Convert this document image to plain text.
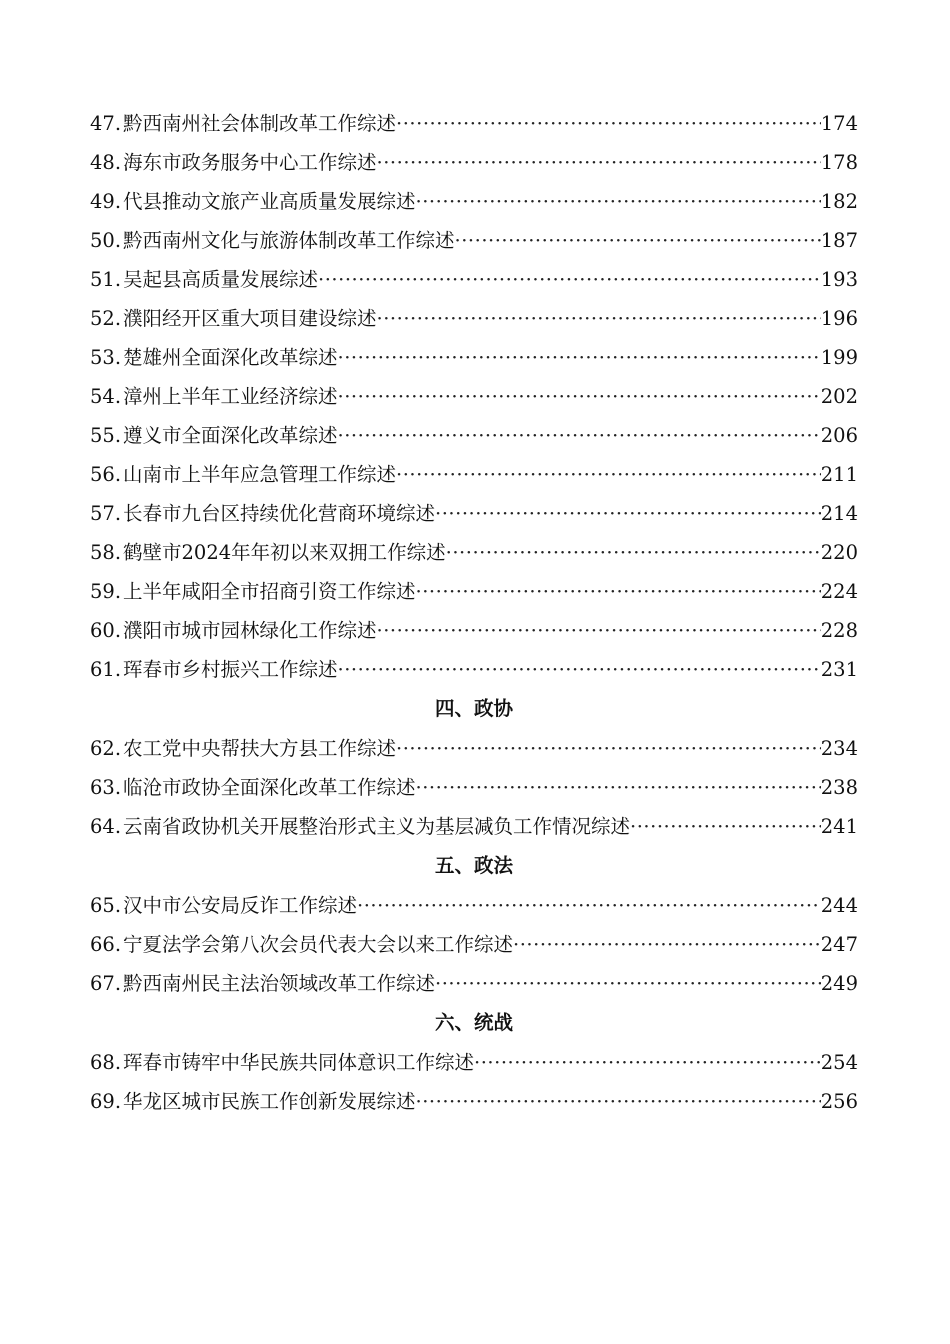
47. 黔西南州社会体制改革工作综述 ·····	174
48. 海东市政务服务中心工作综述 ·····	178
49. 代县推动文旅产业高质量发展综述 ·····	182
50. 黔西南州文化与旅游体制改革工作综述 ·····	187
51. 吴起县高质量发展综述 ·····	193
52. 濮阳经开区重大项目建设综述 ·····	196
53. 楚雄州全面深化改革综述 ·····	199
54. 漳州上半年工业经济综述 ·····	202
55. 遵义市全面深化改革综述 ·····	206
56. 山南市上半年应急管理工作综述 ·····	211
57. 长春市九台区持续优化营商环境综述 ·····	214
58. 鹤壁市2024年年初以来双拥工作综述 ·····	220
59. 上半年咸阳全市招商引资工作综述 ·····	224
60. 濮阳市城市园林绿化工作综述 ·····	228
61. 珲春市乡村振兴工作综述 ·····	231
四、政协
62. 农工党中央帮扶大方县工作综述 ·····	234
63. 临沧市政协全面深化改革工作综述 ·····	238
64. 云南省政协机关开展整治形式主义为基层减负工作情况综述 ·····	241
五、政法
65. 汉中市公安局反诈工作综述 ·····	244
66. 宁夏法学会第八次会员代表大会以来工作综述 ·····	247
67. 黔西南州民主法治领域改革工作综述 ·····	249
六、统战
68. 珲春市铸牢中华民族共同体意识工作综述 ·····	254
69. 华龙区城市民族工作创新发展综述 ·····	256
